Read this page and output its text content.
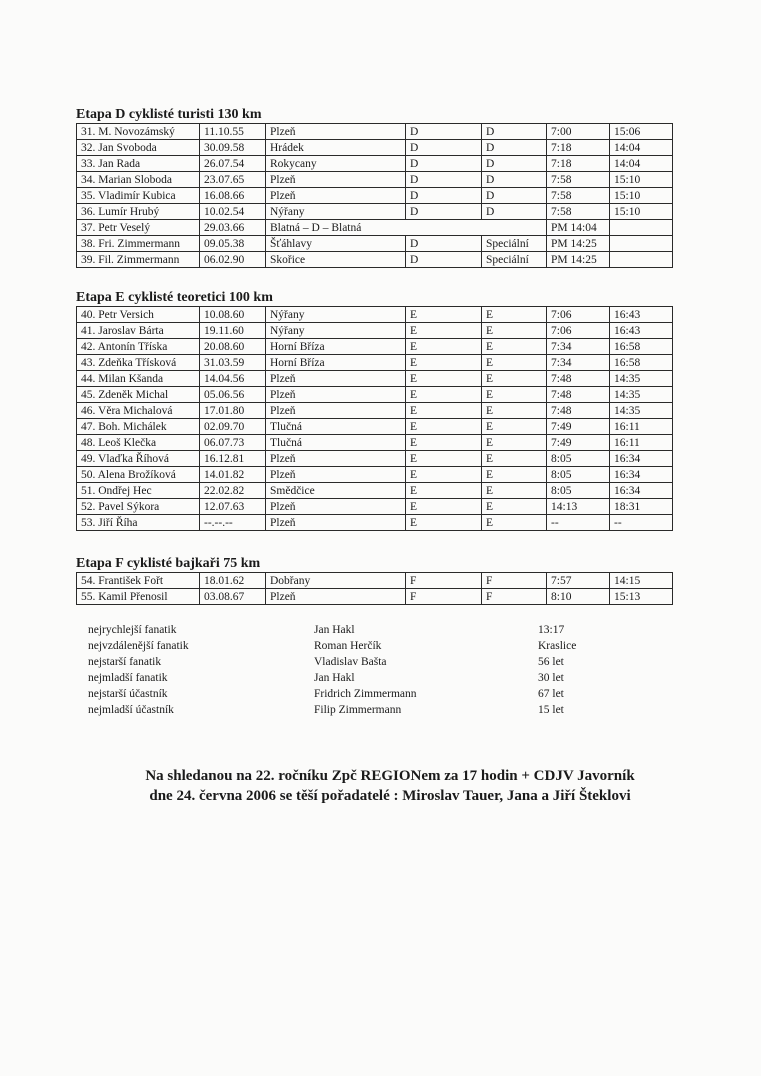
Etapa D cyklisté turisti 130 km
31. M. Novozámský	11.10.55	Plzeň	D	D	7:00	15:06
32. Jan Svoboda	30.09.58	Hrádek	D	D	7:18	14:04
33. Jan Rada	26.07.54	Rokycany	D	D	7:18	14:04
34. Marian Sloboda	23.07.65	Plzeň	D	D	7:58	15:10
35. Vladimír Kubica	16.08.66	Plzeň	D	D	7:58	15:10
36. Lumír Hrubý	10.02.54	Nýřany	D	D	7:58	15:10
37. Petr Veselý	29.03.66	Blatná – D – Blatná			PM 14:04	
38. Fri. Zimmermann	09.05.38	Šťáhlavy	D	Speciální	PM 14:25	
39. Fil. Zimmermann	06.02.90	Skořice	D	Speciální	PM 14:25	
Etapa E cyklisté teoretici 100 km
40. Petr Versich	10.08.60	Nýřany	E	E	7:06	16:43
41. Jaroslav Bárta	19.11.60	Nýřany	E	E	7:06	16:43
42. Antonín Tříska	20.08.60	Horní Bříza	E	E	7:34	16:58
43. Zdeňka Třísková	31.03.59	Horní Bříza	E	E	7:34	16:58
44. Milan Kšanda	14.04.56	Plzeň	E	E	7:48	14:35
45. Zdeněk Michal	05.06.56	Plzeň	E	E	7:48	14:35
46. Věra Michalová	17.01.80	Plzeň	E	E	7:48	14:35
47. Boh. Michálek	02.09.70	Tlučná	E	E	7:49	16:11
48. Leoš Klečka	06.07.73	Tlučná	E	E	7:49	16:11
49. Vlaďka Říhová	16.12.81	Plzeň	E	E	8:05	16:34
50. Alena Brožíková	14.01.82	Plzeň	E	E	8:05	16:34
51. Ondřej Hec	22.02.82	Smědčice	E	E	8:05	16:34
52. Pavel Sýkora	12.07.63	Plzeň	E	E	14:13	18:31
53. Jiří Říha	--.--.--	Plzeň	E	E	--	--
Etapa F cyklisté bajkaři 75 km
54. František Fořt	18.01.62	Dobřany	F	F	7:57	14:15
55. Kamil Přenosil	03.08.67	Plzeň	F	F	8:10	15:13
nejrychlejší fanatik	Jan Hakl	13:17
nejvzdálenější fanatik	Roman Herčík	Kraslice
nejstarší fanatik	Vladislav Bašta	56 let
nejmladší fanatik	Jan Hakl	30 let
nejstarší účastník	Fridrich Zimmermann	67 let
nejmladší účastník	Filip Zimmermann	15 let
Na shledanou na 22. ročníku Zpč REGIONem za 17 hodin + CDJV Javorník
dne 24. června 2006 se těší pořadatelé : Miroslav Tauer, Jana a Jiří Šteklovi
